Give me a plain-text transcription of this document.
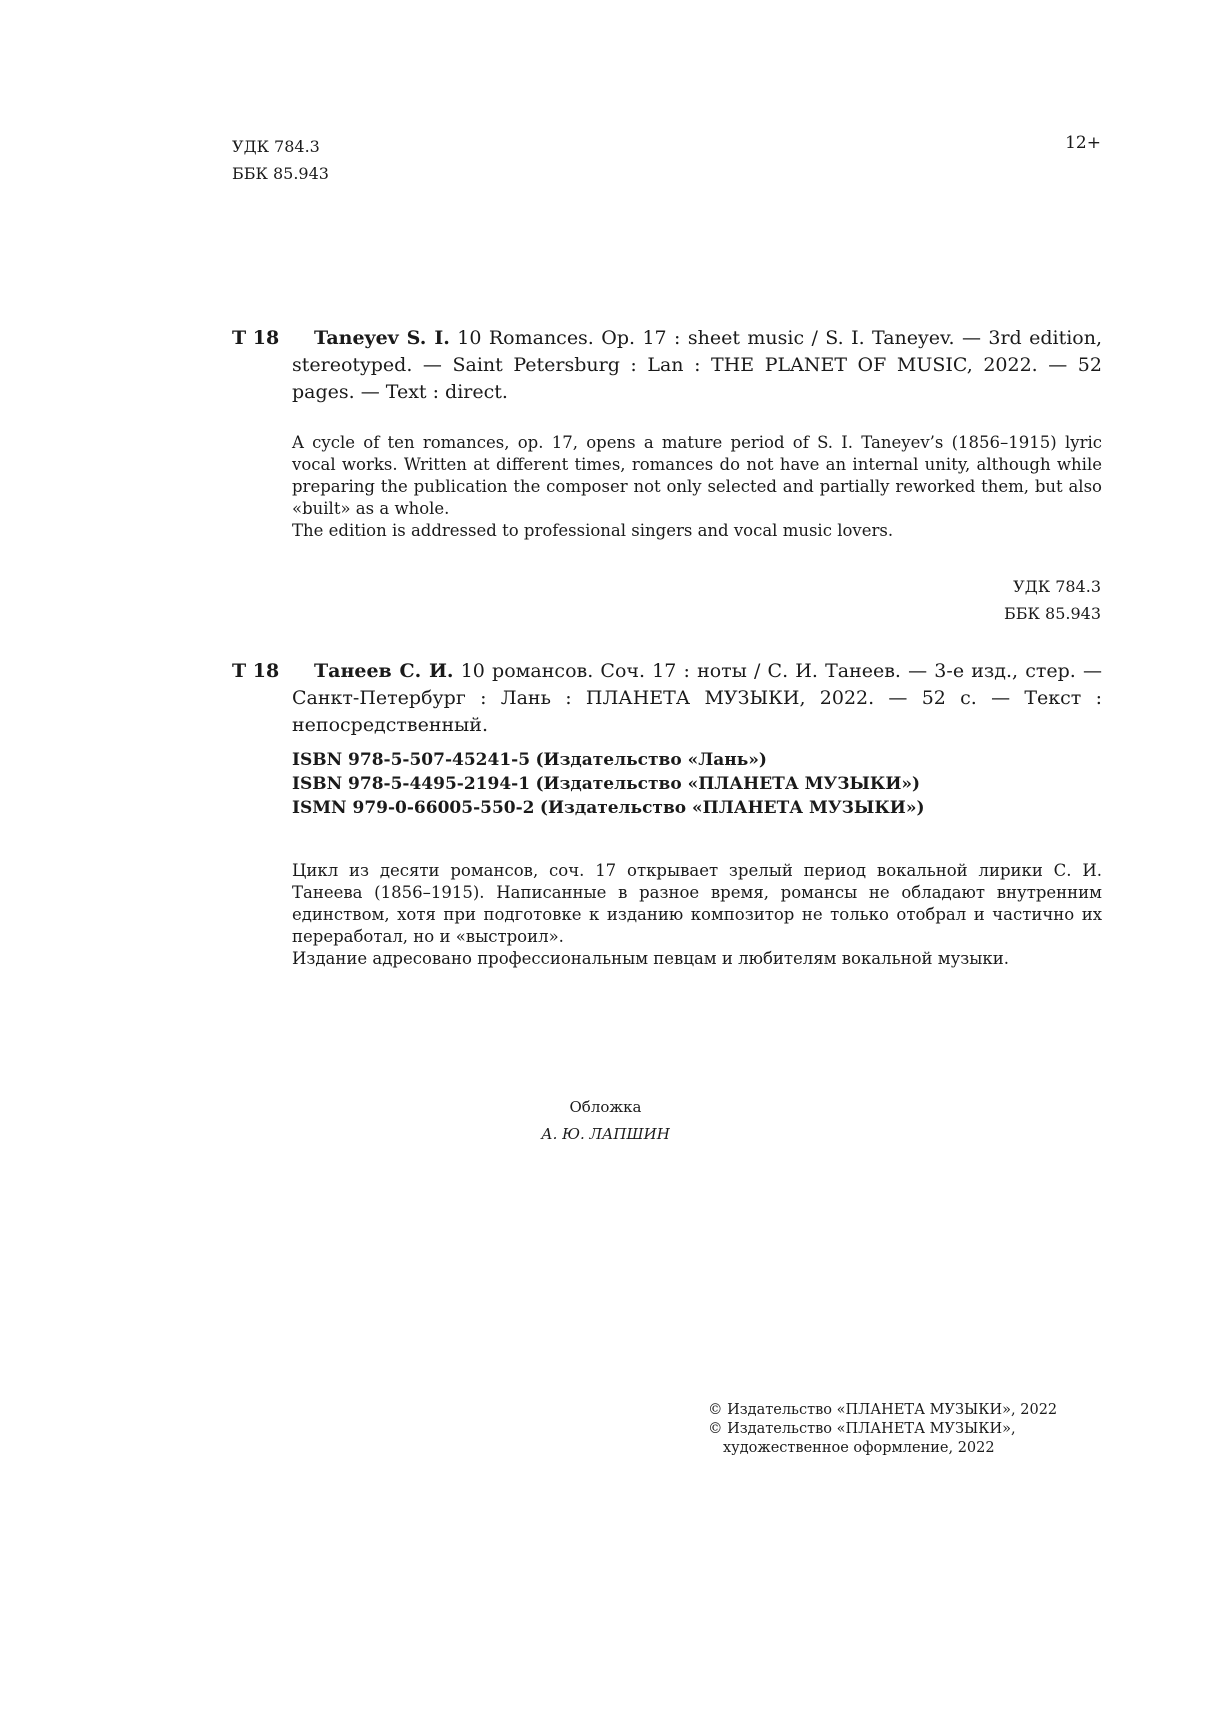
УДК 784.3
ББК 85.943
12+
Т 18	Taneyev S. I. 10 Romances. Op. 17 : sheet music / S. I. Taneyev. — 3rd edition, stereotyped. — Saint Petersburg : Lan : THE PLANET OF MUSIC, 2022. — 52 pages. — Text : direct.

A cycle of ten romances, op. 17, opens a mature period of S. I. Taneyev’s (1856–1915) lyric vocal works. Written at different times, romances do not have an internal unity, although while preparing the publication the composer not only selected and partially reworked them, but also «built» as a whole.

The edition is addressed to professional singers and vocal music lovers.

УДК 784.3
ББК 85.943
Т 18	Танеев С. И. 10 романсов. Соч. 17 : ноты / С. И. Танеев. — 3-е изд., стер. — Санкт-Петербург : Лань : ПЛАНЕТА МУЗЫКИ, 2022. — 52 с. — Текст : непосредственный.
ISBN 978-5-507-45241-5 (Издательство «Лань»)
ISBN 978-5-4495-2194-1 (Издательство «ПЛАНЕТА МУЗЫКИ»)
ISMN 979-0-66005-550-2 (Издательство «ПЛАНЕТА МУЗЫКИ»)

Цикл из десяти романсов, соч. 17 открывает зрелый период вокальной лирики С. И. Танеева (1856–1915). Написанные в разное время, романсы не обладают внутренним единством, хотя при подготовке к изданию композитор не только отобрал и частично их переработал, но и «выстроил».

Издание адресовано профессиональным певцам и любителям вокальной музыки.

Обложка
А. Ю. ЛАПШИН
© Издательство «ПЛАНЕТА МУЗЫКИ», 2022
© Издательство «ПЛАНЕТА МУЗЫКИ»,
художественное оформление, 2022
